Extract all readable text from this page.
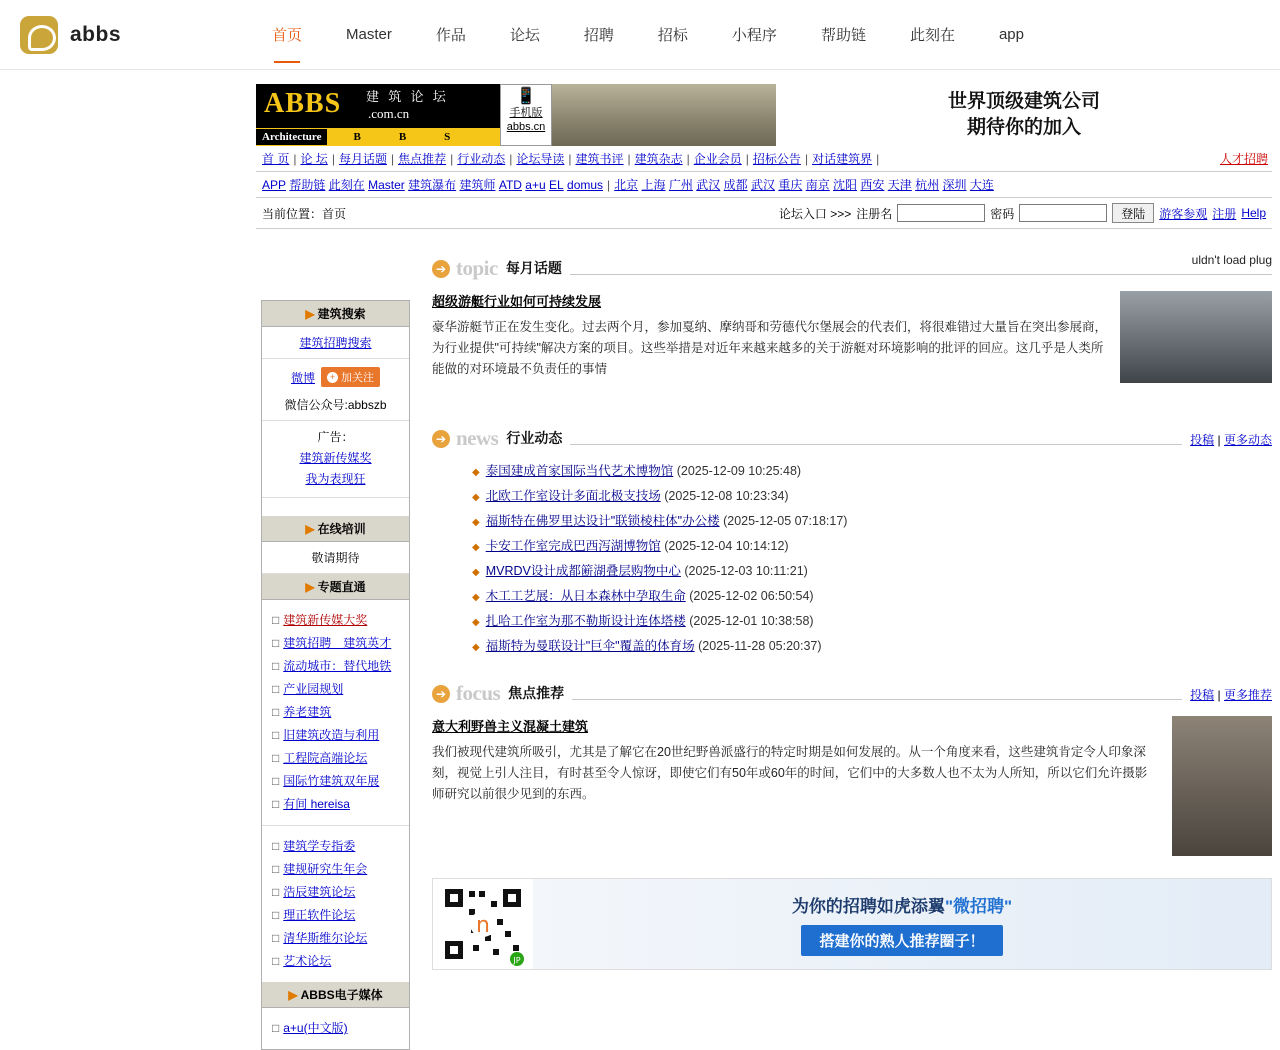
abbs	首页	Master	作品	论坛	招聘	招标	小程序	帮助链	此刻在	app
ABBS 建 筑 论 坛
.com.cn
Architecture	B	B	S
📱
手机版
abbs.cn
世界顶级建筑公司
期待你的加入
首 页 | 论 坛 | 每月话题 | 焦点推荐 | 行业动态 | 论坛导读 | 建筑书评 | 建筑杂志 | 企业会员 | 招标公告 | 对话建筑界 |	人才招聘
APP
帮助链
此刻在
Master
建筑瀑布
建筑师
ATD
a+u
EL
domus | 北京
上海
广州
武汉
成都
武汉
重庆
南京
沈阳
西安
天津
杭州
深圳
大连
当前位置：首页	论坛入口 >>> 注册名	密码	登陆	游客参观 注册 Help
➔ topic 每月话题	uldn't load plug
超级游艇行业如何可持续发展
豪华游艇节正在发生变化。过去两个月，参加戛纳、摩纳哥和劳德代尔堡展会的代表们，将很难错过大量旨在突出参展商，为行业提供"可持续"解决方案的项目。这些举措是对近年来越来越多的关于游艇对环境影响的批评的回应。这几乎是人类所能做的对环境最不负责任的事情
➔ news 行业动态	投稿 | 更多动态
◆ 泰国建成首家国际当代艺术博物馆 (2025-12-09 10:25:48)
◆ 北欧工作室设计多面北极支技场 (2025-12-08 10:23:34)
◆ 福斯特在佛罗里达设计"联锁棱柱体"办公楼 (2025-12-05 07:18:17)
◆ 卡安工作室完成巴西泻湖博物馆 (2025-12-04 10:14:12)
◆ MVRDV设计成都簖湖叠层购物中心 (2025-12-03 10:11:21)
◆ 木工工艺展：从日本森林中孕取生命 (2025-12-02 06:50:54)
◆ 扎哈工作室为那不勒斯设计连体塔楼 (2025-12-01 10:38:58)
◆ 福斯特为曼联设计"巨伞"覆盖的体育场 (2025-11-28 05:20:37)
➔ focus 焦点推荐	投稿 | 更多推荐
意大利野兽主义混凝土建筑
我们被现代建筑所吸引，尤其是了解它在20世纪野兽派盛行的特定时期是如何发展的。从一个角度来看，这些建筑肯定令人印象深刻，视觉上引人注目，有时甚至令人惊讶，即使它们有50年或60年的时间，它们中的大多数人也不太为人所知，所以它们允许摄影师研究以前很少见到的东西。
n
JP
为你的招聘如虎添翼"微招聘"
搭建你的熟人推荐圈子！
▶ 建筑搜索
建筑招聘搜索
微博	+ 加关注
微信公众号:abbszb
广告：
建筑新传媒奖
我为表现狂
▶ 在线培训
敬请期待
▶ 专题直通
□ 建筑新传媒大奖
□ 建筑招聘　建筑英才
□ 流动城市：替代地铁
□ 产业园规划
□ 养老建筑
□ 旧建筑改造与利用
□ 工程院高端论坛
□ 国际竹建筑双年展
□ 有间 hereisa
□ 建筑学专指委
□ 建规研究生年会
□ 浩辰建筑论坛
□ 理正软件论坛
□ 清华斯维尔论坛
□ 艺术论坛
▶ ABBS电子媒体
□ a+u(中文版)
